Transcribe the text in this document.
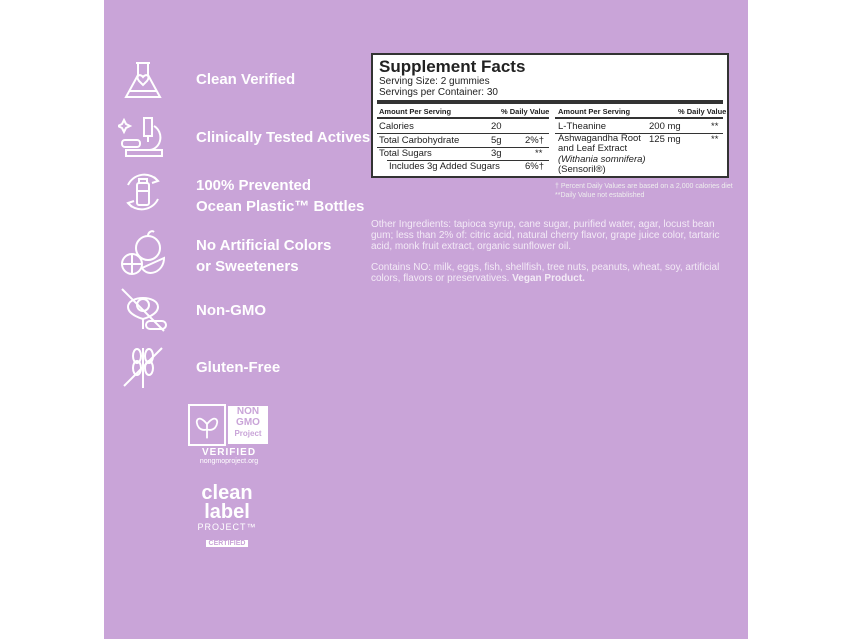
Clean Verified
Clinically Tested Actives
100% Prevented
Ocean Plastic™ Bottles
No Artificial Colors
or Sweeteners
Non-GMO
Gluten-Free
NON
GMO
Project
VERIFIED
nongmoproject.org
clean
label
PROJECT™
CERTIFIED
Supplement Facts
Serving Size: 2 gummies
Servings per Container: 30
Amount Per Serving	% Daily Value Amount Per Serving	% Daily Value
Calories	20
Total Carbohydrate	5g 2%†
Total Sugars	3g	**
Includes 3g Added Sugars	6%†
L-Theanine	200 mg	**
Ashwagandha Root and Leaf Extract
(Withania somnifera)
(Sensoril®)
125 mg	**
† Percent Daily Values are based on a 2,000 calories diet
**Daily Value not established
Other Ingredients: tapioca syrup, cane sugar, purified water, agar, locust bean gum; less than 2% of: citric acid, natural cherry flavor, grape juice color, tartaric acid, monk fruit extract, organic sunflower oil.
Contains NO: milk, eggs, fish, shellfish, tree nuts, peanuts, wheat, soy, artificial colors, flavors or preservatives. Vegan Product.
